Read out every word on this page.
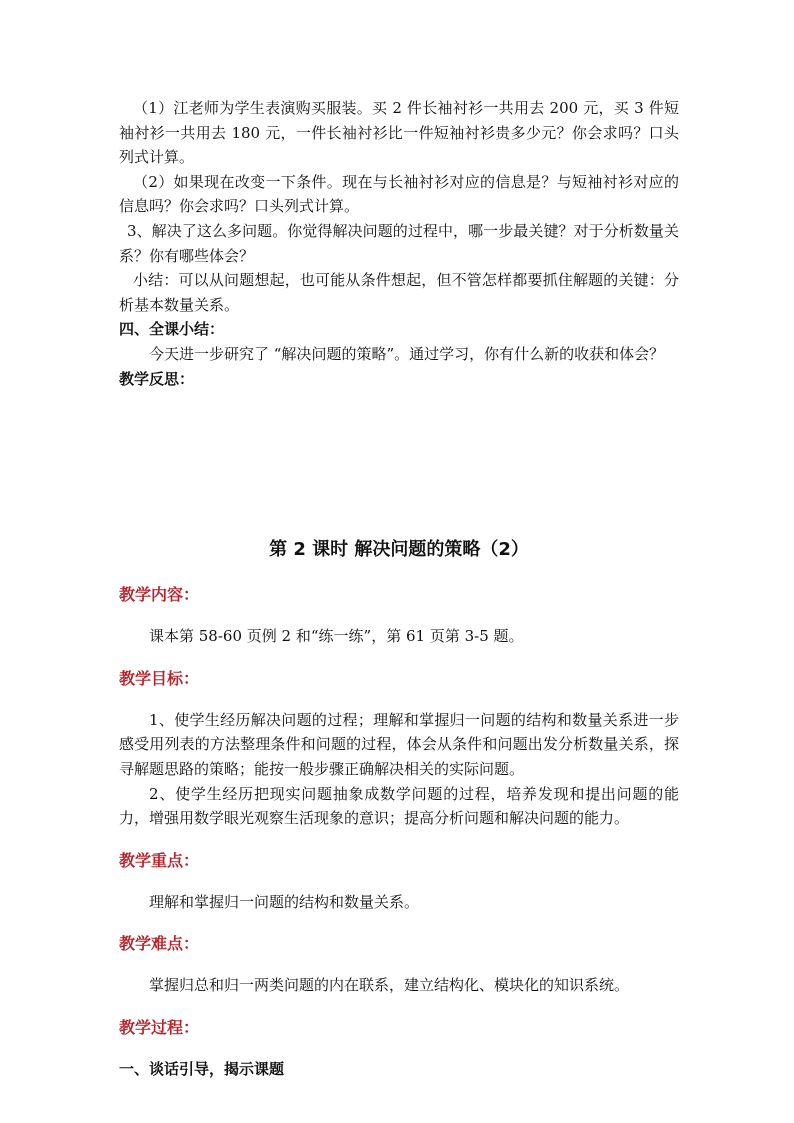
（1）江老师为学生表演购买服装。买 2 件长袖衬衫一共用去 200 元，买 3 件短袖衬衫一共用去 180 元，一件长袖衬衫比一件短袖衬衫贵多少元？你会求吗？口头列式计算。

（2）如果现在改变一下条件。现在与长袖衬衫对应的信息是？与短袖衬衫对应的信息吗？你会求吗？口头列式计算。

3、解决了这么多问题。你觉得解决问题的过程中，哪一步最关键？对于分析数量关系？你有哪些体会？

小结：可以从问题想起，也可能从条件想起，但不管怎样都要抓住解题的关键：分析基本数量关系。

四、全课小结：

今天进一步研究了 “解决问题的策略”。通过学习，你有什么新的收获和体会？

教学反思：

第 2 课时 解决问题的策略（2）

教学内容：

课本第 58-60 页例 2 和“练一练”，第 61 页第 3-5 题。

教学目标：

1、使学生经历解决问题的过程；理解和掌握归一问题的结构和数量关系进一步感受用列表的方法整理条件和问题的过程，体会从条件和问题出发分析数量关系，探寻解题思路的策略；能按一般步骤正确解决相关的实际问题。

2、使学生经历把现实问题抽象成数学问题的过程，培养发现和提出问题的能力，增强用数学眼光观察生活现象的意识；提高分析问题和解决问题的能力。

教学重点：

理解和掌握归一问题的结构和数量关系。

教学难点：

掌握归总和归一两类问题的内在联系，建立结构化、模块化的知识系统。

教学过程：

一、谈话引导，揭示课题
